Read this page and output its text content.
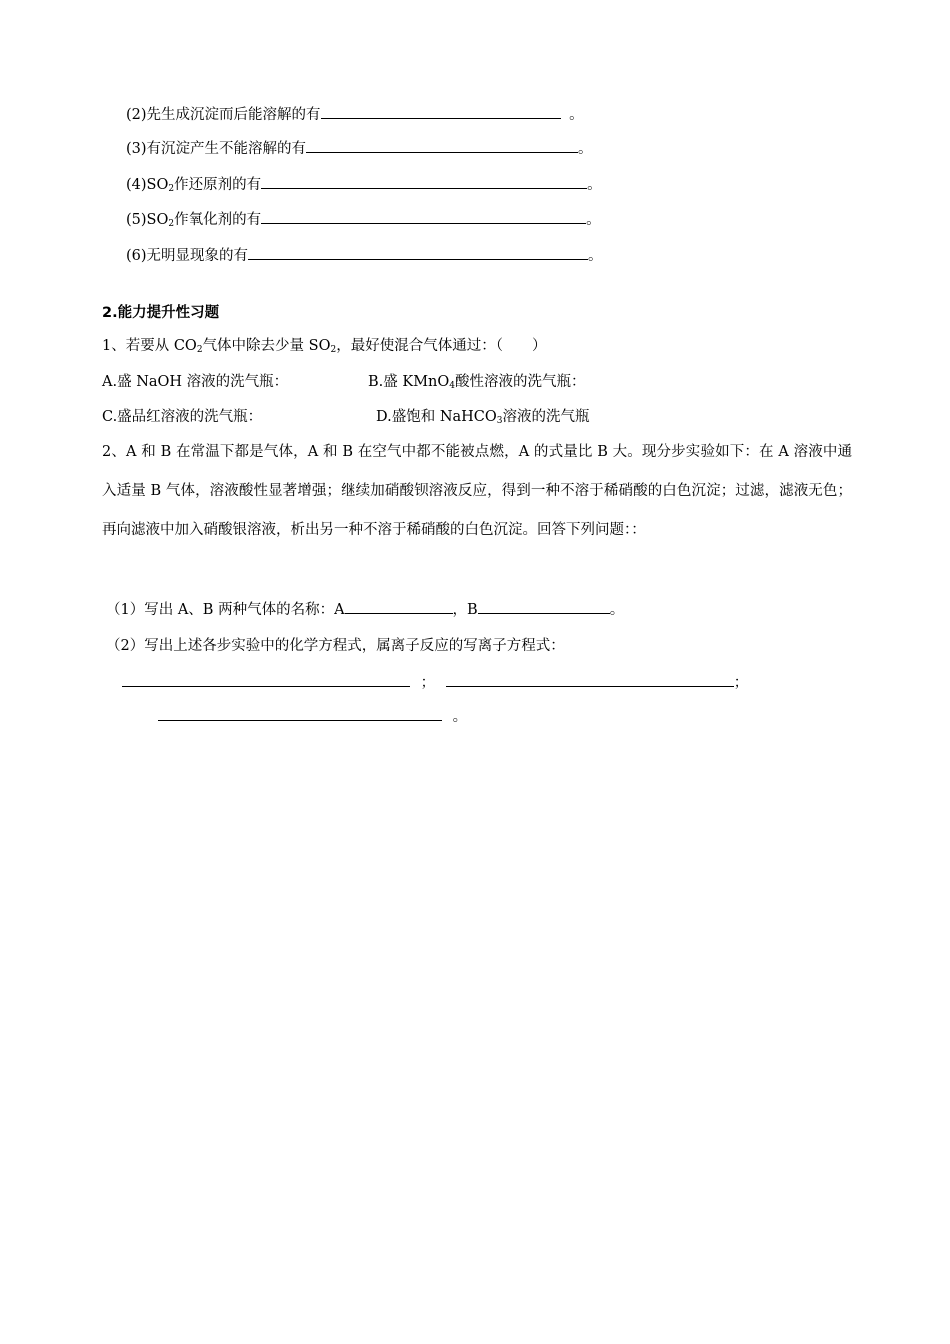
(2)先生成沉淀而后能溶解的有	。
(3)有沉淀产生不能溶解的有	。
$(4)SO_2$作还原剂的有	。
$(5)SO_2$作氧化剂的有	。
(6)无明显现象的有	。
2.能力提升性习题
1、若要从 $CO_2$气体中除去少量 $SO_2$，最好使混合气体通过：（　　）
A.盛 NaOH 溶液的洗气瓶：	B.盛 KMnO$_4$酸性溶液的洗气瓶：
C.盛品红溶液的洗气瓶：	D.盛饱和 NaHCO$_3$溶液的洗气瓶
2、A 和 B 在常温下都是气体，A 和 B 在空气中都不能被点燃，A 的式量比 B 大。现分步实验如下：在 A 溶液中通入适量 B 气体，溶液酸性显著增强；继续加硝酸钡溶液反应，得到一种不溶于稀硝酸的白色沉淀；过滤，滤液无色；再向滤液中加入硝酸银溶液，析出另一种不溶于稀硝酸的白色沉淀。回答下列问题：：
（1）写出 A、B 两种气体的名称：A	，B	。
（2）写出上述各步实验中的化学方程式，属离子反应的写离子方程式：
；	；
。
